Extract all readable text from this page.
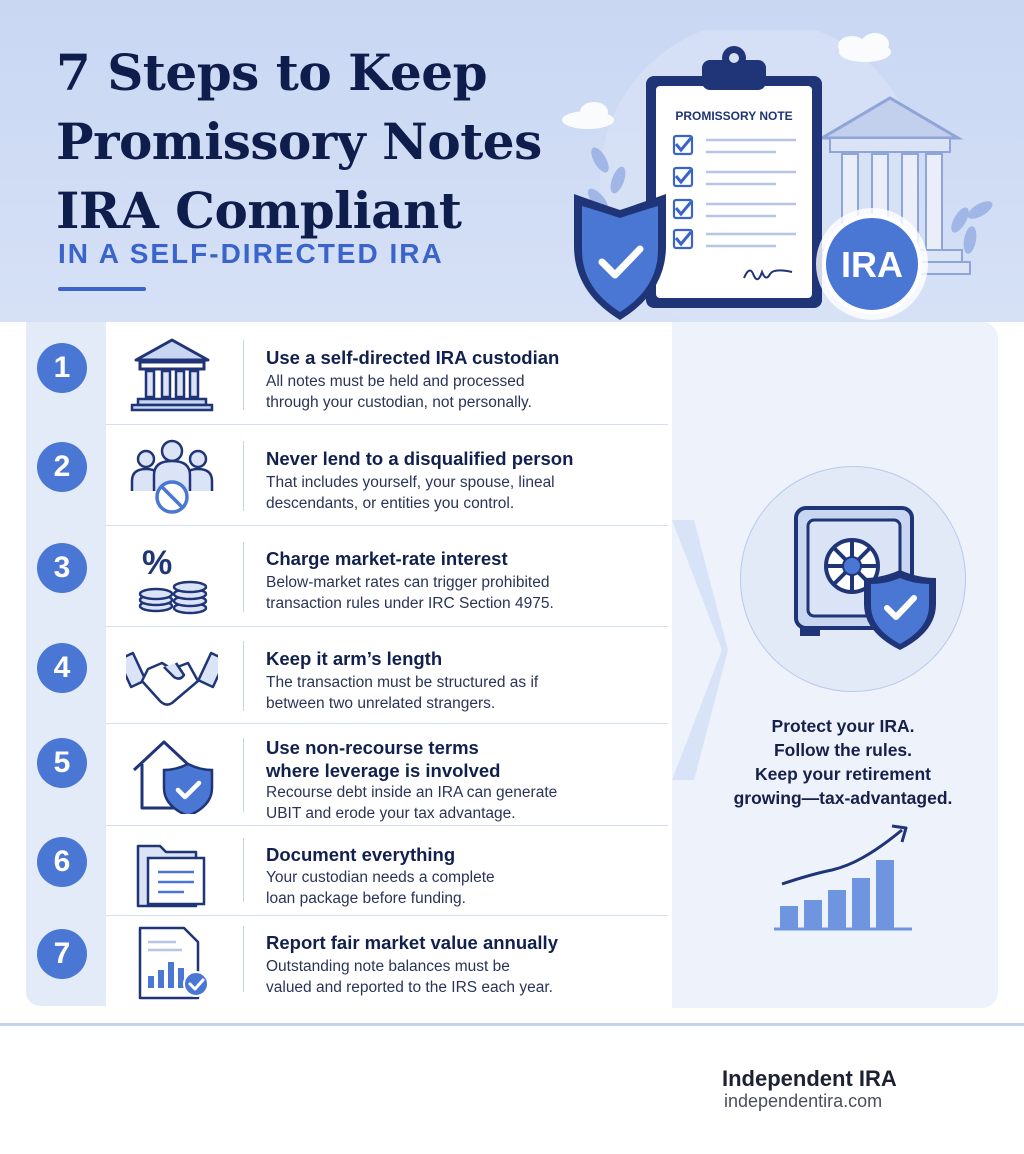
7 Steps to Keep
Promissory Notes
IRA Compliant
IN A SELF-DIRECTED IRA
PROMISSORY NOTE
IRA
1	Use a self-directed IRA custodian
All notes must be held and processed
through your custodian, not personally.
2	Never lend to a disqualified person
That includes yourself, your spouse, lineal
descendants, or entities you control.
3	%	Charge market-rate interest
Below-market rates can trigger prohibited
transaction rules under IRC Section 4975.
4	Keep it arm’s length
The transaction must be structured as if
between two unrelated strangers.
5	Use non-recourse terms
where leverage is involved
Recourse debt inside an IRA can generate
UBIT and erode your tax advantage.
6	Document everything
Your custodian needs a complete
loan package before funding.
7	Report fair market value annually
Outstanding note balances must be
valued and reported to the IRS each year.
Protect your IRA.
Follow the rules.
Keep your retirement
growing—tax-advantaged.
Independent IRA
independentira.com
